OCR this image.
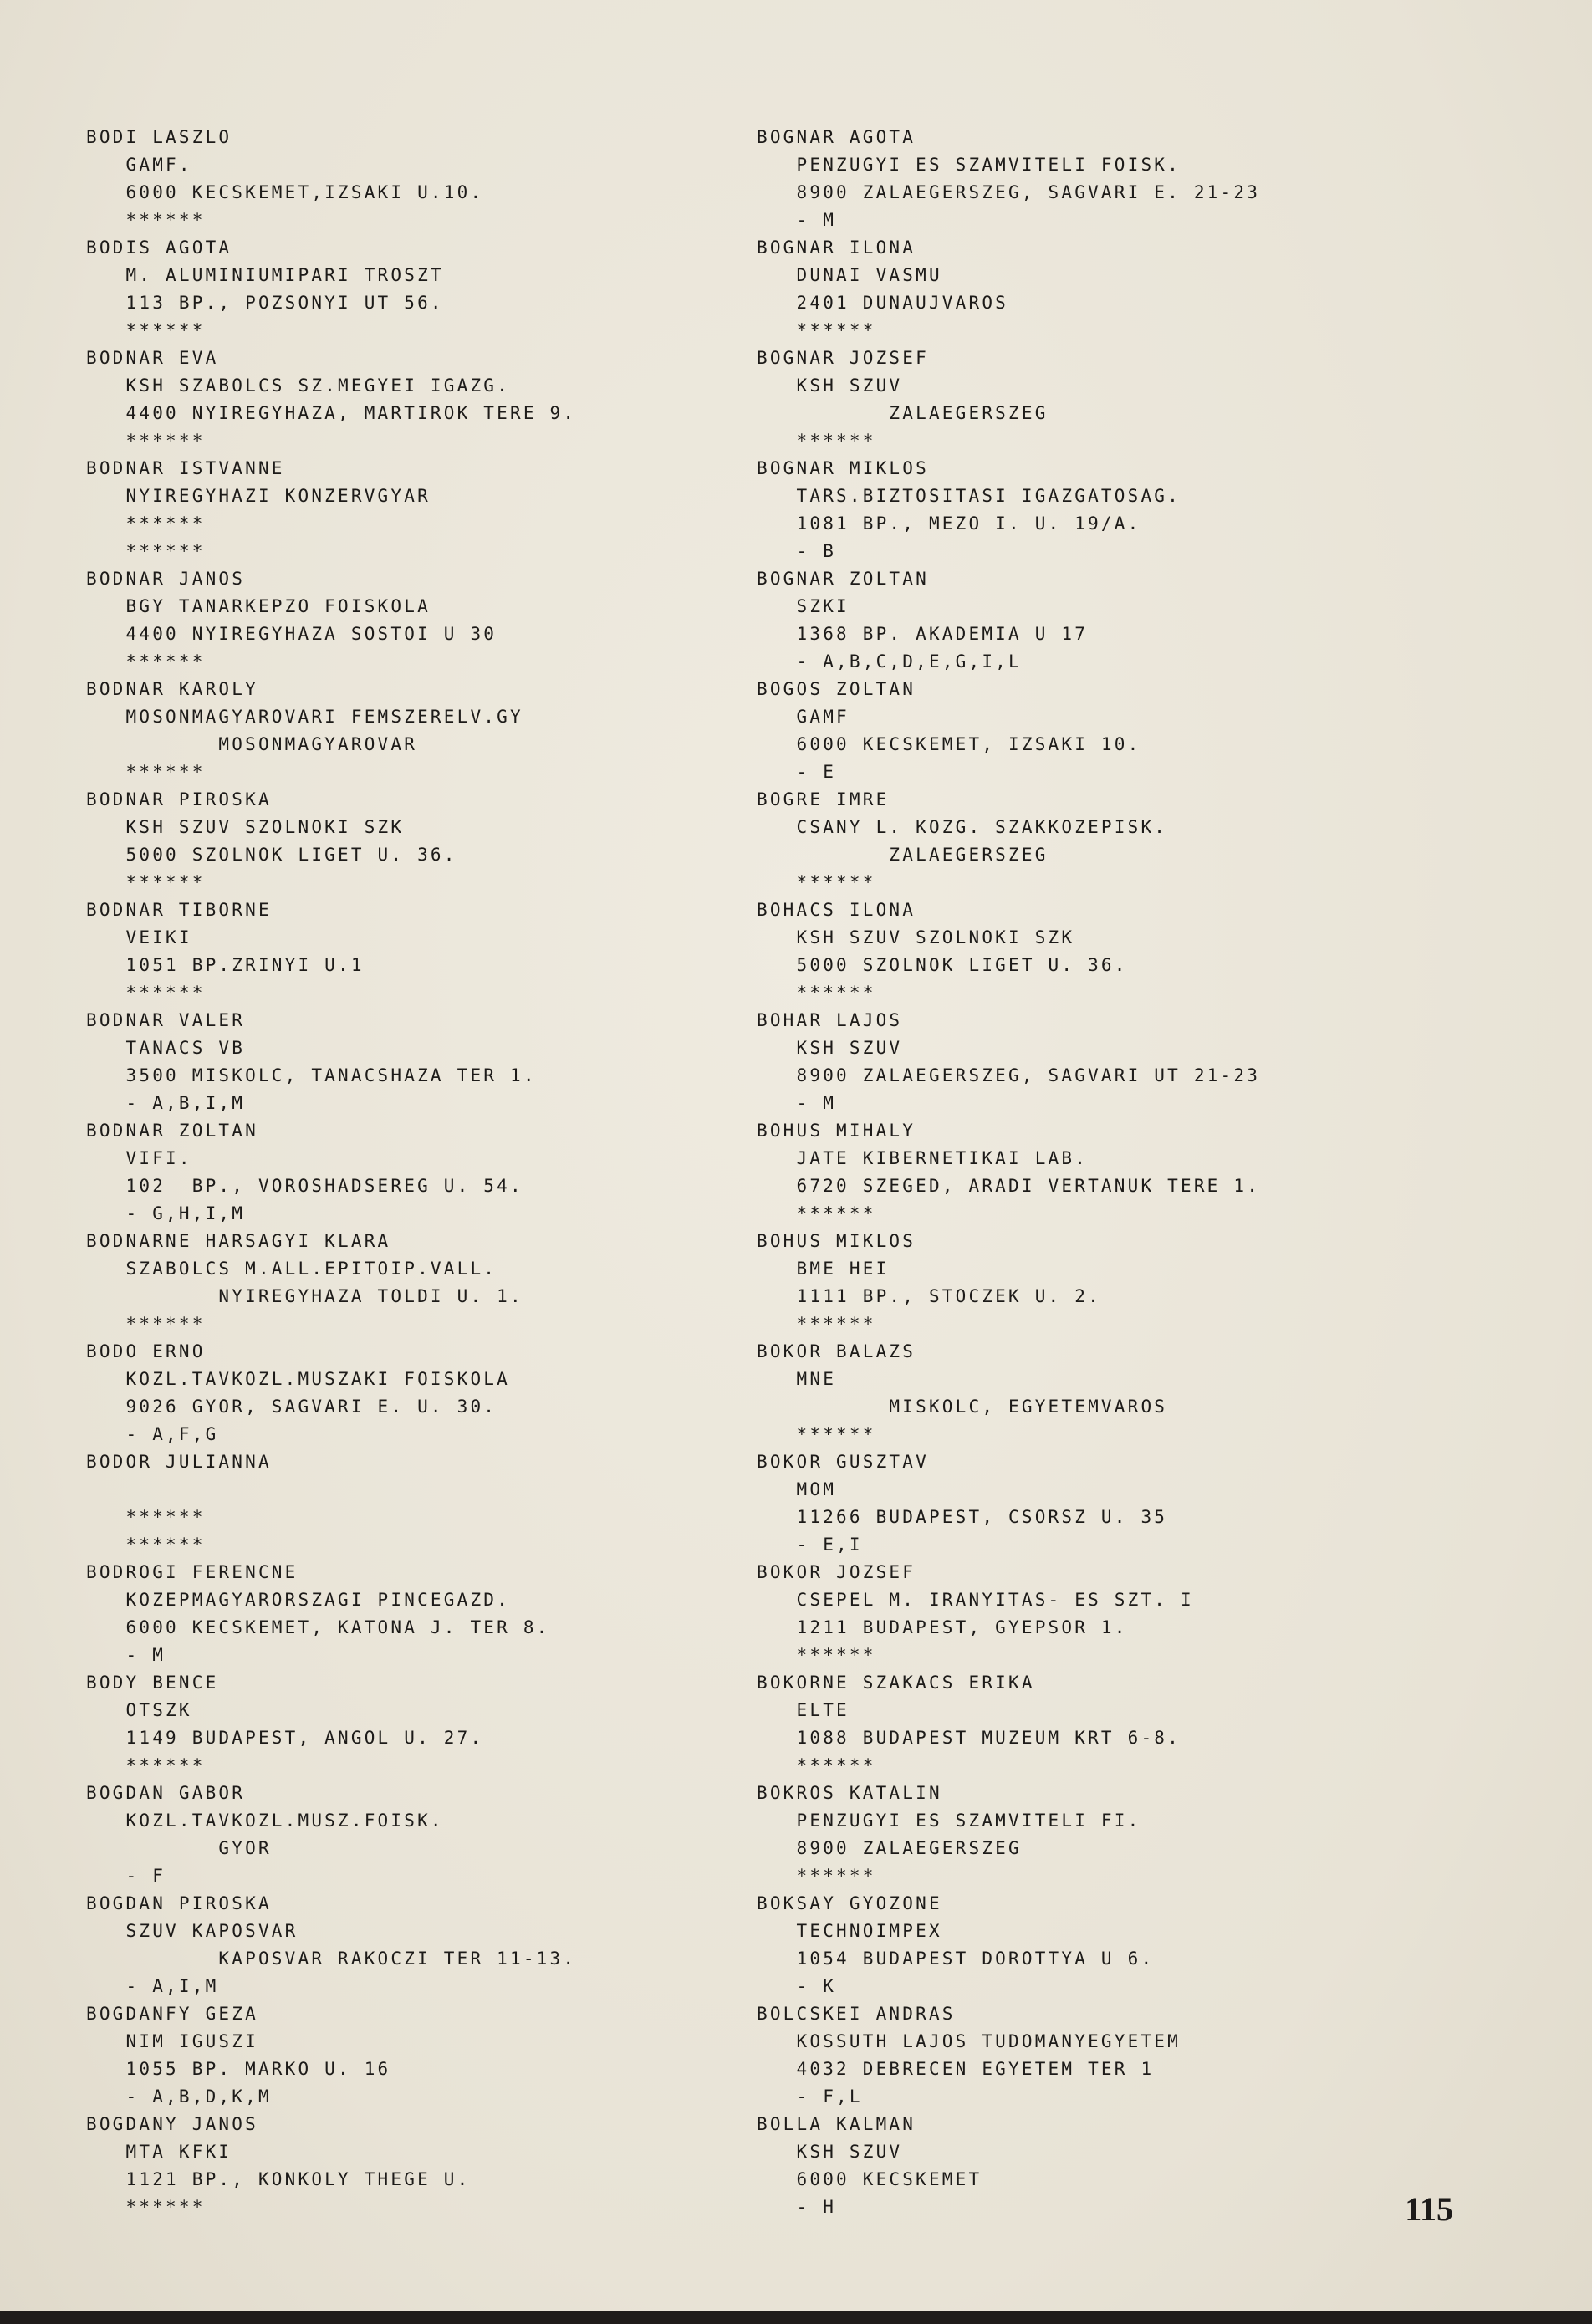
BODI LASZLO
GAMF.
6000 KECSKEMET,IZSAKI U.10.
******
BODIS AGOTA
M. ALUMINIUMIPARI TROSZT
113 BP., POZSONYI UT 56.
******
BODNAR EVA
KSH SZABOLCS SZ.MEGYEI IGAZG.
4400 NYIREGYHAZA, MARTIROK TERE 9.
******
BODNAR ISTVANNE
NYIREGYHAZI KONZERVGYAR
******
******
BODNAR JANOS
BGY TANARKEPZO FOISKOLA
4400 NYIREGYHAZA SOSTOI U 30
******
BODNAR KAROLY
MOSONMAGYAROVARI FEMSZERELV.GY
MOSONMAGYAROVAR
******
BODNAR PIROSKA
KSH SZUV SZOLNOKI SZK
5000 SZOLNOK LIGET U. 36.
******
BODNAR TIBORNE
VEIKI
1051 BP.ZRINYI U.1
******
BODNAR VALER
TANACS VB
3500 MISKOLC, TANACSHAZA TER 1.
- A,B,I,M
BODNAR ZOLTAN
VIFI.
102  BP., VOROSHADSEREG U. 54.
- G,H,I,M
BODNARNE HARSAGYI KLARA
SZABOLCS M.ALL.EPITOIP.VALL.
NYIREGYHAZA TOLDI U. 1.
******
BODO ERNO
KOZL.TAVKOZL.MUSZAKI FOISKOLA
9026 GYOR, SAGVARI E. U. 30.
- A,F,G
BODOR JULIANNA
******
******
BODROGI FERENCNE
KOZEPMAGYARORSZAGI PINCEGAZD.
6000 KECSKEMET, KATONA J. TER 8.
- M
BODY BENCE
OTSZK
1149 BUDAPEST, ANGOL U. 27.
******
BOGDAN GABOR
KOZL.TAVKOZL.MUSZ.FOISK.
GYOR
- F
BOGDAN PIROSKA
SZUV KAPOSVAR
KAPOSVAR RAKOCZI TER 11-13.
- A,I,M
BOGDANFY GEZA
NIM IGUSZI
1055 BP. MARKO U. 16
- A,B,D,K,M
BOGDANY JANOS
MTA KFKI
1121 BP., KONKOLY THEGE U.
******
BOGNAR AGOTA
PENZUGYI ES SZAMVITELI FOISK.
8900 ZALAEGERSZEG, SAGVARI E. 21-23
- M
BOGNAR ILONA
DUNAI VASMU
2401 DUNAUJVAROS
******
BOGNAR JOZSEF
KSH SZUV
ZALAEGERSZEG
******
BOGNAR MIKLOS
TARS.BIZTOSITASI IGAZGATOSAG.
1081 BP., MEZO I. U. 19/A.
- B
BOGNAR ZOLTAN
SZKI
1368 BP. AKADEMIA U 17
- A,B,C,D,E,G,I,L
BOGOS ZOLTAN
GAMF
6000 KECSKEMET, IZSAKI 10.
- E
BOGRE IMRE
CSANY L. KOZG. SZAKKOZEPISK.
ZALAEGERSZEG
******
BOHACS ILONA
KSH SZUV SZOLNOKI SZK
5000 SZOLNOK LIGET U. 36.
******
BOHAR LAJOS
KSH SZUV
8900 ZALAEGERSZEG, SAGVARI UT 21-23
- M
BOHUS MIHALY
JATE KIBERNETIKAI LAB.
6720 SZEGED, ARADI VERTANUK TERE 1.
******
BOHUS MIKLOS
BME HEI
1111 BP., STOCZEK U. 2.
******
BOKOR BALAZS
MNE
MISKOLC, EGYETEMVAROS
******
BOKOR GUSZTAV
MOM
11266 BUDAPEST, CSORSZ U. 35
- E,I
BOKOR JOZSEF
CSEPEL M. IRANYITAS- ES SZT. I
1211 BUDAPEST, GYEPSOR 1.
******
BOKORNE SZAKACS ERIKA
ELTE
1088 BUDAPEST MUZEUM KRT 6-8.
******
BOKROS KATALIN
PENZUGYI ES SZAMVITELI FI.
8900 ZALAEGERSZEG
******
BOKSAY GYOZONE
TECHNOIMPEX
1054 BUDAPEST DOROTTYA U 6.
- K
BOLCSKEI ANDRAS
KOSSUTH LAJOS TUDOMANYEGYETEM
4032 DEBRECEN EGYETEM TER 1
- F,L
BOLLA KALMAN
KSH SZUV
6000 KECSKEMET
- H	115
